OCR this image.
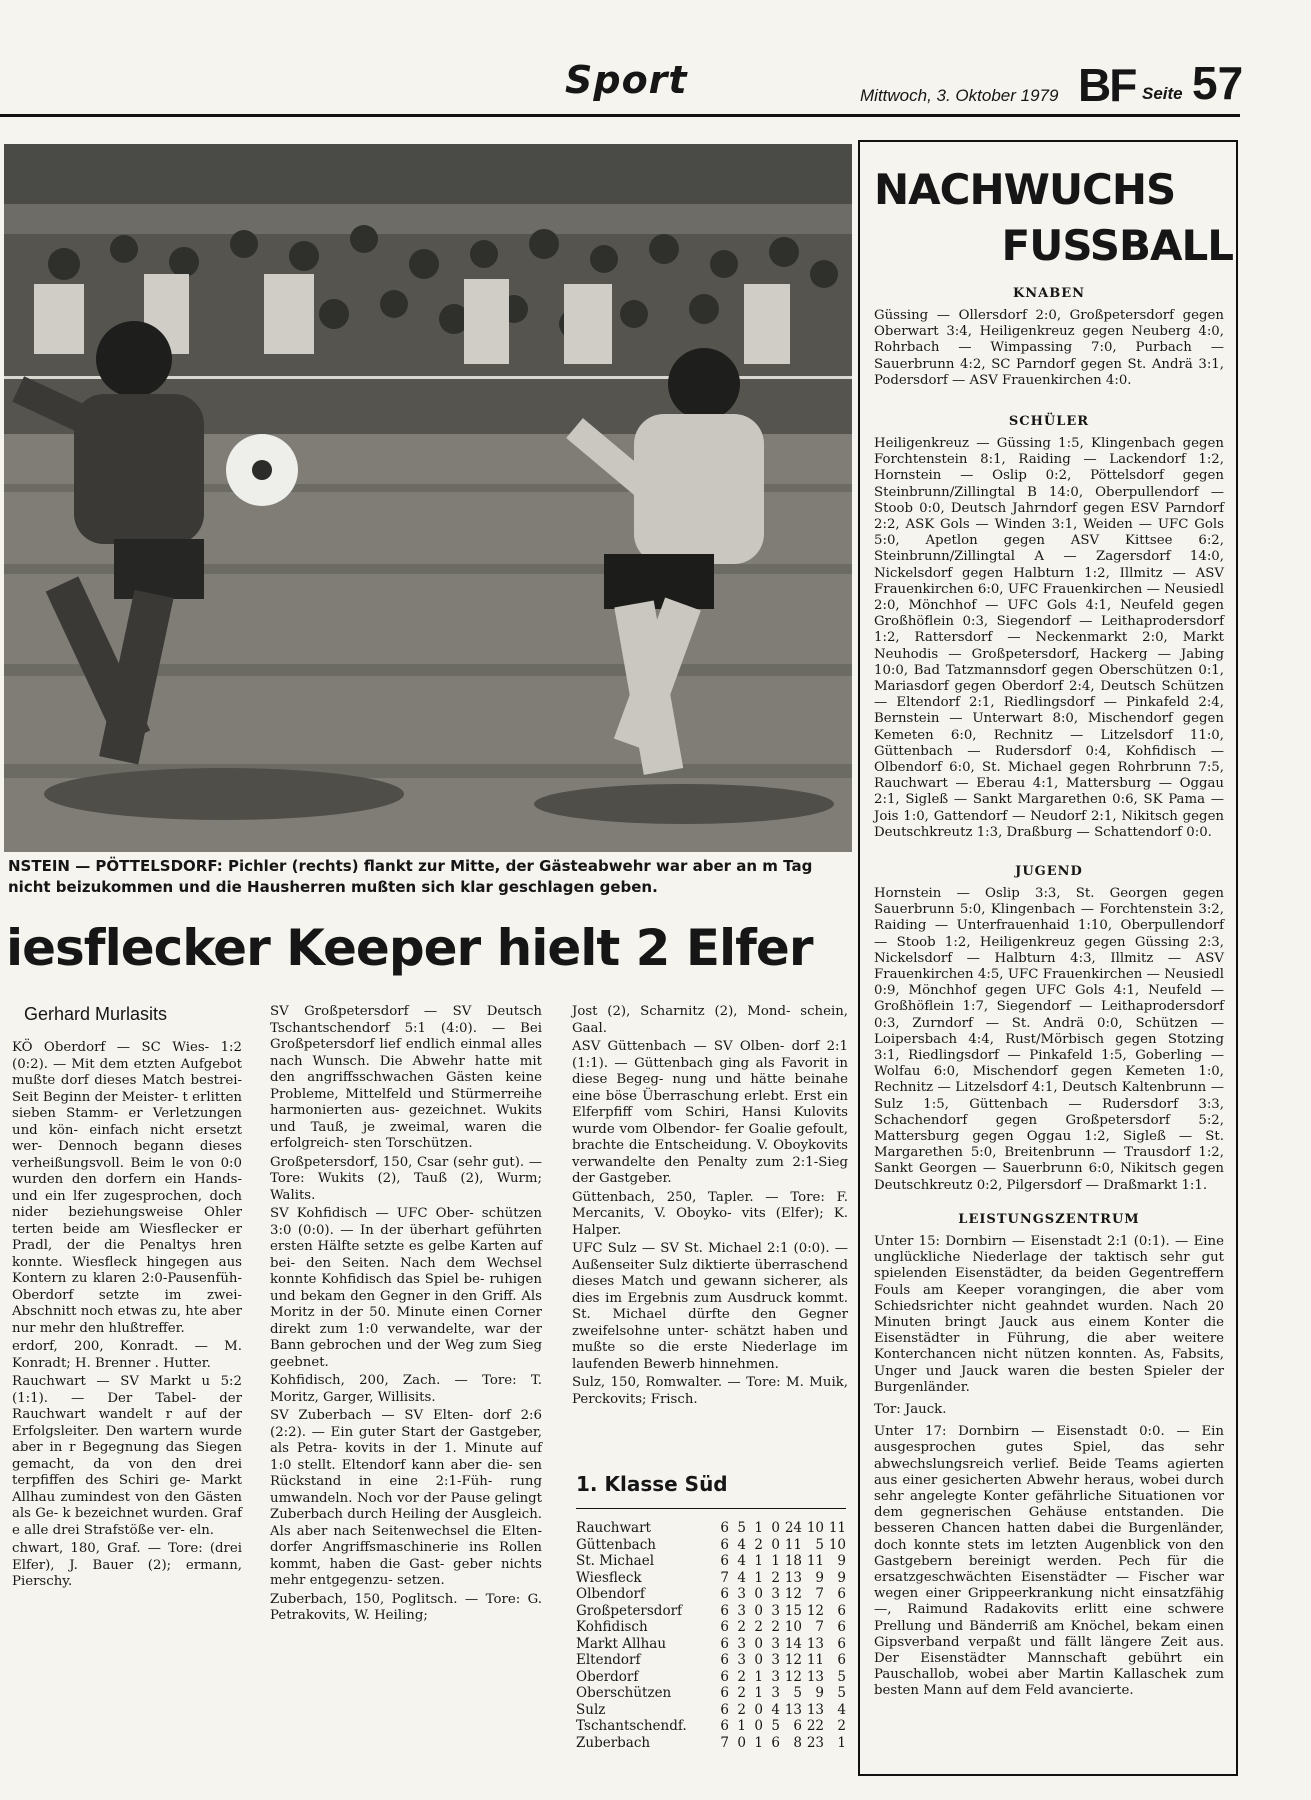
Sport	Mittwoch, 3. Oktober 1979 BF Seite 57
NSTEIN — PÖTTELSDORF: Pichler (rechts) flankt zur Mitte, der Gästeabwehr war aber an m Tag nicht beizukommen und die Hausherren mußten sich klar geschlagen geben.
iesflecker Keeper hielt 2 Elfer
Gerhard Murlasits

KÖ Oberdorf — SC Wies- 1:2 (0:2). — Mit dem etzten Aufgebot mußte dorf dieses Match bestrei- Seit Beginn der Meister- t erlitten sieben Stamm- er Verletzungen und kön- einfach nicht ersetzt wer- Dennoch begann dieses verheißungsvoll. Beim le von 0:0 wurden den dorfern ein Hands- und ein lfer zugesprochen, doch nider beziehungsweise Ohler terten beide am Wiesflecker er Pradl, der die Penaltys hren konnte. Wiesfleck hingegen aus Kontern zu klaren 2:0-Pausenfüh- Oberdorf setzte im zwei- Abschnitt noch etwas zu, hte aber nur mehr den hlußtreffer.

erdorf, 200, Konradt. — M. Konradt; H. Brenner . Hutter.

Rauchwart — SV Markt u 5:2 (1:1). — Der Tabel- der Rauchwart wandelt r auf der Erfolgsleiter. Den wartern wurde aber in r Begegnung das Siegen gemacht, da von den drei terpfiffen des Schiri ge- Markt Allhau zumindest von den Gästen als Ge- k bezeichnet wurden. Graf e alle drei Strafstöße ver- eln.

chwart, 180, Graf. — Tore: (drei Elfer), J. Bauer (2); ermann, Pierschy.

SV Großpetersdorf — SV Deutsch Tschantschendorf 5:1 (4:0). — Bei Großpetersdorf lief endlich einmal alles nach Wunsch. Die Abwehr hatte mit den angriffsschwachen Gästen keine Probleme, Mittelfeld und Stürmerreihe harmonierten aus- gezeichnet. Wukits und Tauß, je zweimal, waren die erfolgreich- sten Torschützen.

Großpetersdorf, 150, Csar (sehr gut). — Tore: Wukits (2), Tauß (2), Wurm; Walits.

SV Kohfidisch — UFC Ober- schützen 3:0 (0:0). — In der überhart geführten ersten Hälfte setzte es gelbe Karten auf bei- den Seiten. Nach dem Wechsel konnte Kohfidisch das Spiel be- ruhigen und bekam den Gegner in den Griff. Als Moritz in der 50. Minute einen Corner direkt zum 1:0 verwandelte, war der Bann gebrochen und der Weg zum Sieg geebnet.

Kohfidisch, 200, Zach. — Tore: T. Moritz, Garger, Willisits.

SV Zuberbach — SV Elten- dorf 2:6 (2:2). — Ein guter Start der Gastgeber, als Petra- kovits in der 1. Minute auf 1:0 stellt. Eltendorf kann aber die- sen Rückstand in eine 2:1-Füh- rung umwandeln. Noch vor der Pause gelingt Zuberbach durch Heiling der Ausgleich. Als aber nach Seitenwechsel die Elten- dorfer Angriffsmaschinerie ins Rollen kommt, haben die Gast- geber nichts mehr entgegenzu- setzen.

Zuberbach, 150, Poglitsch. — Tore: G. Petrakovits, W. Heiling;

Jost (2), Scharnitz (2), Mond- schein, Gaal.

ASV Güttenbach — SV Olben- dorf 2:1 (1:1). — Güttenbach ging als Favorit in diese Begeg- nung und hätte beinahe eine böse Überraschung erlebt. Erst ein Elferpfiff vom Schiri, Hansi Kulovits wurde vom Olbendor- fer Goalie gefoult, brachte die Entscheidung. V. Oboykovits verwandelte den Penalty zum 2:1-Sieg der Gastgeber.

Güttenbach, 250, Tapler. — Tore: F. Mercanits, V. Oboyko- vits (Elfer); K. Halper.

UFC Sulz — SV St. Michael 2:1 (0:0). — Außenseiter Sulz diktierte überraschend dieses Match und gewann sicherer, als dies im Ergebnis zum Ausdruck kommt. St. Michael dürfte den Gegner zweifelsohne unter- schätzt haben und mußte so die erste Niederlage im laufenden Bewerb hinnehmen.

Sulz, 150, Romwalter. — Tore: M. Muik, Perckovits; Frisch.

1. Klasse Süd
Rauchwart	6	5	1	0	24	10	11
Güttenbach	6	4	2	0	11	5	10
St. Michael	6	4	1	1	18	11	9
Wiesfleck	7	4	1	2	13	9	9
Olbendorf	6	3	0	3	12	7	6
Großpetersdorf	6	3	0	3	15	12	6
Kohfidisch	6	2	2	2	10	7	6
Markt Allhau	6	3	0	3	14	13	6
Eltendorf	6	3	0	3	12	11	6
Oberdorf	6	2	1	3	12	13	5
Oberschützen	6	2	1	3	5	9	5
Sulz	6	2	0	4	13	13	4
Tschantschendf.	6	1	0	5	6	22	2
Zuberbach	7	0	1	6	8	23	1
NACHWUCHS
FUSSBALL
KNABEN
Güssing — Ollersdorf 2:0, Großpetersdorf gegen Oberwart 3:4, Heiligenkreuz gegen Neuberg 4:0, Rohrbach — Wimpassing 7:0, Purbach — Sauerbrunn 4:2, SC Parndorf gegen St. Andrä 3:1, Podersdorf — ASV Frauenkirchen 4:0.
SCHÜLER
Heiligenkreuz — Güssing 1:5, Klingenbach gegen Forchtenstein 8:1, Raiding — Lackendorf 1:2, Hornstein — Oslip 0:2, Pöttelsdorf gegen Steinbrunn/Zillingtal B 14:0, Oberpullendorf — Stoob 0:0, Deutsch Jahrndorf gegen ESV Parndorf 2:2, ASK Gols — Winden 3:1, Weiden — UFC Gols 5:0, Apetlon gegen ASV Kittsee 6:2, Steinbrunn/Zillingtal A — Zagersdorf 14:0, Nickelsdorf gegen Halbturn 1:2, Illmitz — ASV Frauenkirchen 6:0, UFC Frauenkirchen — Neusiedl 2:0, Mönchhof — UFC Gols 4:1, Neufeld gegen Großhöflein 0:3, Siegendorf — Leithaprodersdorf 1:2, Rattersdorf — Neckenmarkt 2:0, Markt Neuhodis — Großpetersdorf, Hackerg — Jabing 10:0, Bad Tatzmannsdorf gegen Oberschützen 0:1, Mariasdorf gegen Oberdorf 2:4, Deutsch Schützen — Eltendorf 2:1, Riedlingsdorf — Pinkafeld 2:4, Bernstein — Unterwart 8:0, Mischendorf gegen Kemeten 6:0, Rechnitz — Litzelsdorf 11:0, Güttenbach — Rudersdorf 0:4, Kohfidisch — Olbendorf 6:0, St. Michael gegen Rohrbrunn 7:5, Rauchwart — Eberau 4:1, Mattersburg — Oggau 2:1, Sigleß — Sankt Margarethen 0:6, SK Pama — Jois 1:0, Gattendorf — Neudorf 2:1, Nikitsch gegen Deutschkreutz 1:3, Draßburg — Schattendorf 0:0.
JUGEND
Hornstein — Oslip 3:3, St. Georgen gegen Sauerbrunn 5:0, Klingenbach — Forchtenstein 3:2, Raiding — Unterfrauenhaid 1:10, Oberpullendorf — Stoob 1:2, Heiligenkreuz gegen Güssing 2:3, Nickelsdorf — Halbturn 4:3, Illmitz — ASV Frauenkirchen 4:5, UFC Frauenkirchen — Neusiedl 0:9, Mönchhof gegen UFC Gols 4:1, Neufeld — Großhöflein 1:7, Siegendorf — Leithaprodersdorf 0:3, Zurndorf — St. Andrä 0:0, Schützen — Loipersbach 4:4, Rust/Mörbisch gegen Stotzing 3:1, Riedlingsdorf — Pinkafeld 1:5, Goberling — Wolfau 6:0, Mischendorf gegen Kemeten 1:0, Rechnitz — Litzelsdorf 4:1, Deutsch Kaltenbrunn — Sulz 1:5, Güttenbach — Rudersdorf 3:3, Schachendorf gegen Großpetersdorf 5:2, Mattersburg gegen Oggau 1:2, Sigleß — St. Margarethen 5:0, Breitenbrunn — Trausdorf 1:2, Sankt Georgen — Sauerbrunn 6:0, Nikitsch gegen Deutschkreutz 0:2, Pilgersdorf — Draßmarkt 1:1.
LEISTUNGSZENTRUM

Unter 15: Dornbirn — Eisenstadt 2:1 (0:1). — Eine unglückliche Niederlage der taktisch sehr gut spielenden Eisenstädter, da beiden Gegentreffern Fouls am Keeper vorangingen, die aber vom Schiedsrichter nicht geahndet wurden. Nach 20 Minuten bringt Jauck aus einem Konter die Eisenstädter in Führung, die aber weitere Konterchancen nicht nützen konnten. As, Fabsits, Unger und Jauck waren die besten Spieler der Burgenländer.

Tor: Jauck.

Unter 17: Dornbirn — Eisenstadt 0:0. — Ein ausgesprochen gutes Spiel, das sehr abwechslungsreich verlief. Beide Teams agierten aus einer gesicherten Abwehr heraus, wobei durch sehr angelegte Konter gefährliche Situationen vor dem gegnerischen Gehäuse entstanden. Die besseren Chancen hatten dabei die Burgenländer, doch konnte stets im letzten Augenblick von den Gastgebern bereinigt werden. Pech für die ersatzgeschwächten Eisenstädter — Fischer war wegen einer Grippeerkrankung nicht einsatzfähig —, Raimund Radakovits erlitt eine schwere Prellung und Bänderriß am Knöchel, bekam einen Gipsverband verpaßt und fällt längere Zeit aus. Der Eisenstädter Mannschaft gebührt ein Pauschallob, wobei aber Martin Kallaschek zum besten Mann auf dem Feld avancierte.
